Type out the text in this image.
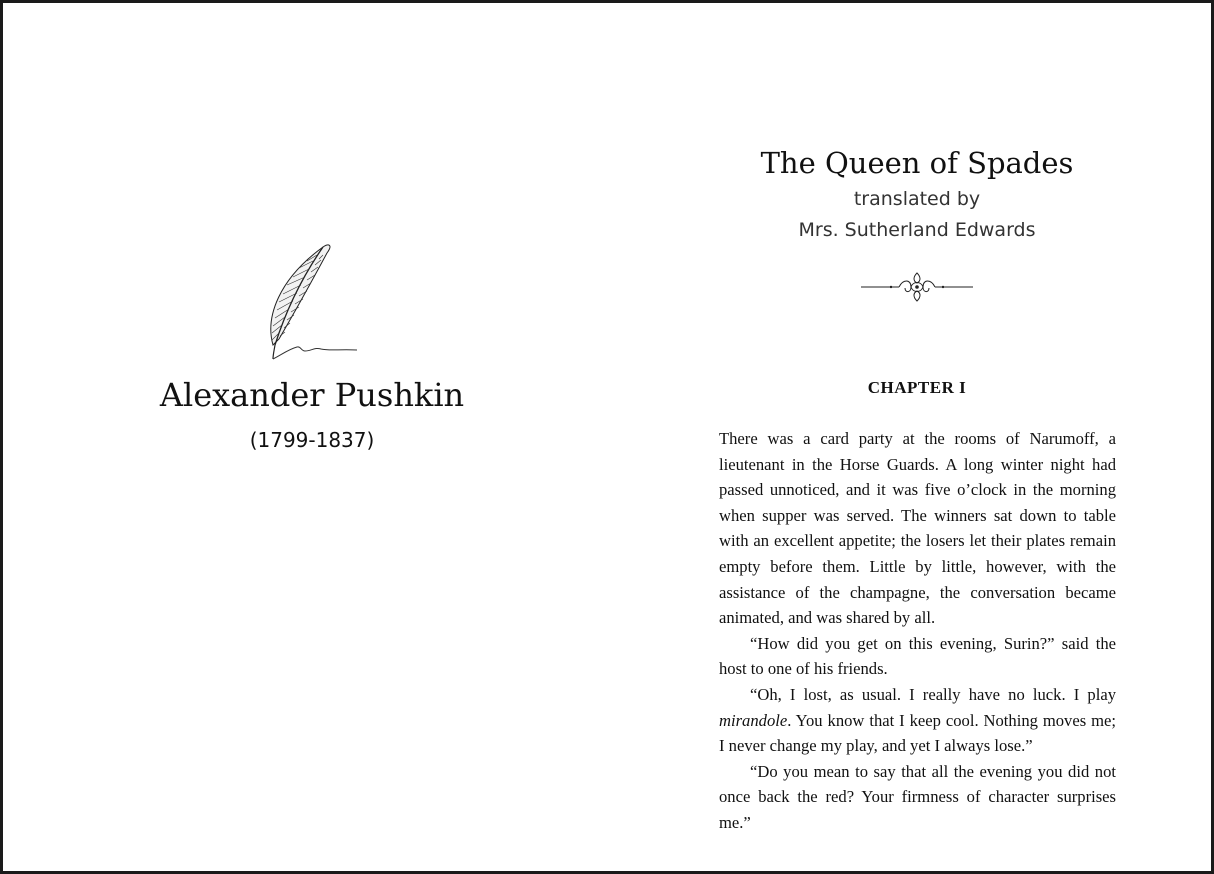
Alexander Pushkin
(1799-1837)
The Queen of Spades
translated by
Mrs. Sutherland Edwards
CHAPTER I

There was a card party at the rooms of Narumoff, a lieutenant in the Horse Guards. A long winter night had passed unnoticed, and it was five o’clock in the morning when supper was served. The winners sat down to table with an excellent appetite; the losers let their plates remain empty before them. Little by little, however, with the assistance of the champagne, the conversation became animated, and was shared by all.

“How did you get on this evening, Surin?” said the host to one of his friends.

“Oh, I lost, as usual. I really have no luck. I play mirandole. You know that I keep cool. Nothing moves me; I never change my play, and yet I always lose.”

“Do you mean to say that all the evening you did not once back the red? Your firmness of character surprises me.”
